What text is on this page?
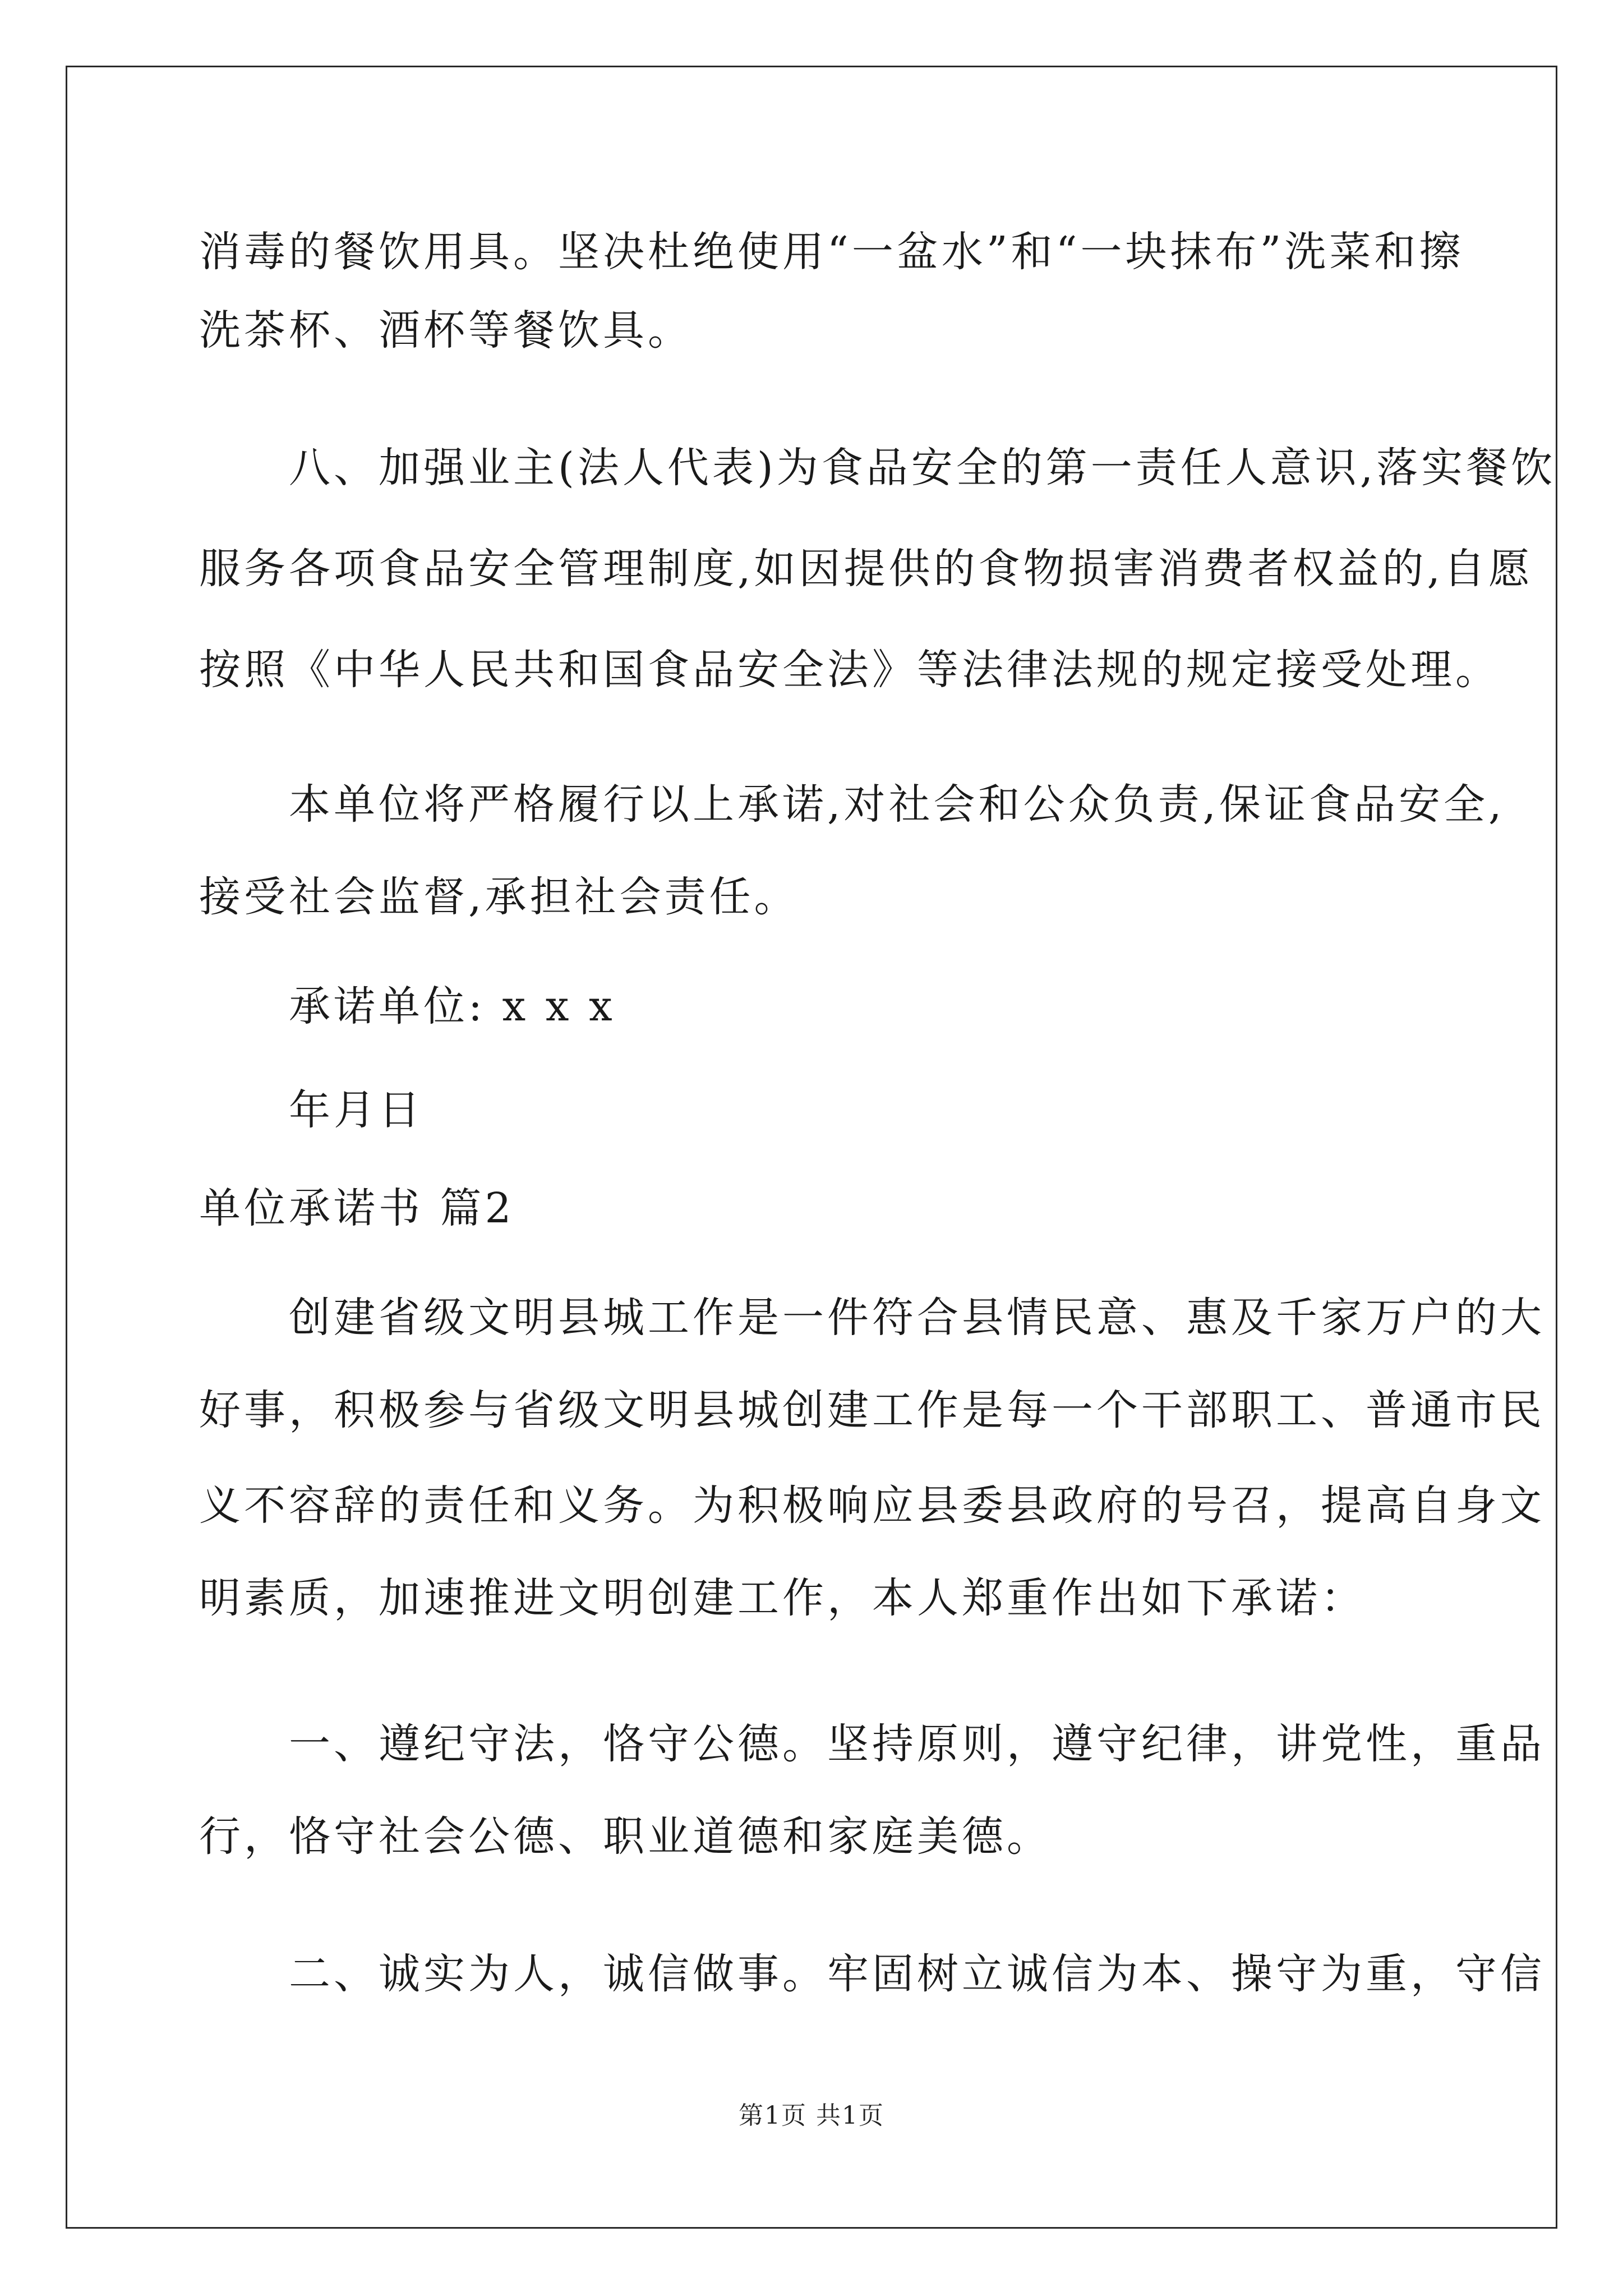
消毒的餐饮用具。坚决杜绝使用“一盆水”和“一块抹布”洗菜和擦
洗茶杯、酒杯等餐饮具。
　　八、加强业主(法人代表)为食品安全的第一责任人意识,落实餐饮
服务各项食品安全管理制度,如因提供的食物损害消费者权益的,自愿
按照《中华人民共和国食品安全法》等法律法规的规定接受处理。
　　本单位将严格履行以上承诺,对社会和公众负责,保证食品安全,
接受社会监督,承担社会责任。
　　承诺单位: x x x
　　年月日
单位承诺书 篇2
　　创建省级文明县城工作是一件符合县情民意、惠及千家万户的大
好事，积极参与省级文明县城创建工作是每一个干部职工、普通市民
义不容辞的责任和义务。为积极响应县委县政府的号召，提高自身文
明素质，加速推进文明创建工作，本人郑重作出如下承诺：
　　一、遵纪守法，恪守公德。坚持原则，遵守纪律，讲党性，重品
行，恪守社会公德、职业道德和家庭美德。
　　二、诚实为人，诚信做事。牢固树立诚信为本、操守为重，守信
第1页 共1页
